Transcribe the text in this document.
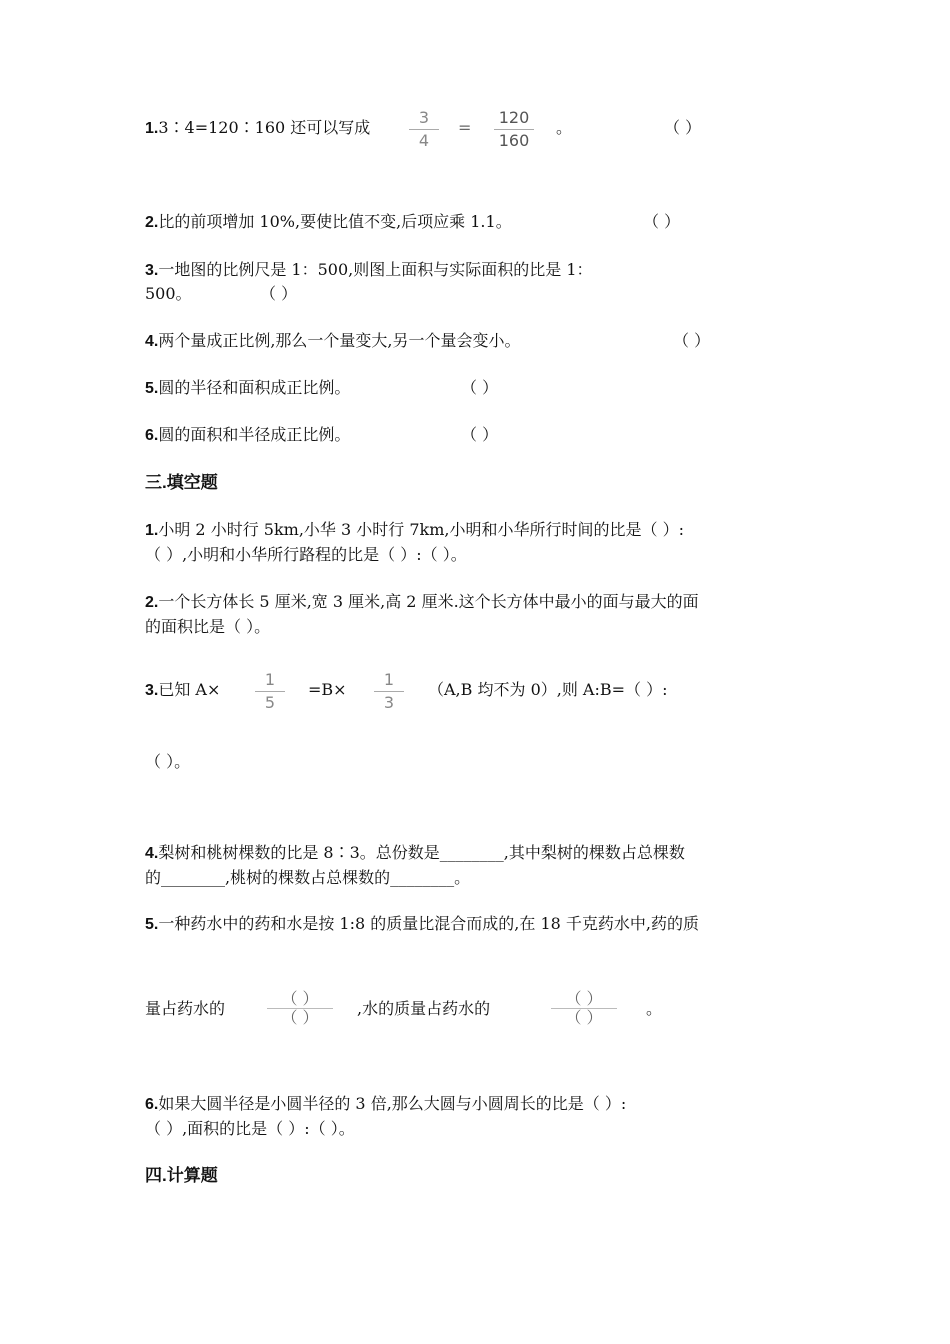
1.3∶4=120∶160 还可以写成
3
4
=
120
160
。	（ ）
2.比的前项增加 10%,要使比值不变,后项应乘 1.1。	（ ）
3.一地图的比例尺是 1：500,则图上面积与实际面积的比是 1：
500。	（ ）
4.两个量成正比例,那么一个量变大,另一个量会变小。	（ ）
5.圆的半径和面积成正比例。	（ ）
6.圆的面积和半径成正比例。	（ ）
三.填空题
1.小明 2 小时行 5km,小华 3 小时行 7km,小明和小华所行时间的比是（ ）:
（ ）,小明和小华所行路程的比是（ ）:（ ）。
2.一个长方体长 5 厘米,宽 3 厘米,高 2 厘米.这个长方体中最小的面与最大的面
的面积比是（ ）。
3.已知 A×
1
5
=B×
1
3
（A,B 均不为 0）,则 A:B=（ ）:
（ ）。
4.梨树和桃树棵数的比是 8∶3。总份数是________,其中梨树的棵数占总棵数
的________,桃树的棵数占总棵数的________。
5.一种药水中的药和水是按 1:8 的质量比混合而成的,在 18 千克药水中,药的质
量占药水的
（ ）
（ ）	,水的质量占药水的
（ ）
（ ）	。
6.如果大圆半径是小圆半径的 3 倍,那么大圆与小圆周长的比是（ ）:
（ ）,面积的比是（ ）:（ ）。
四.计算题
